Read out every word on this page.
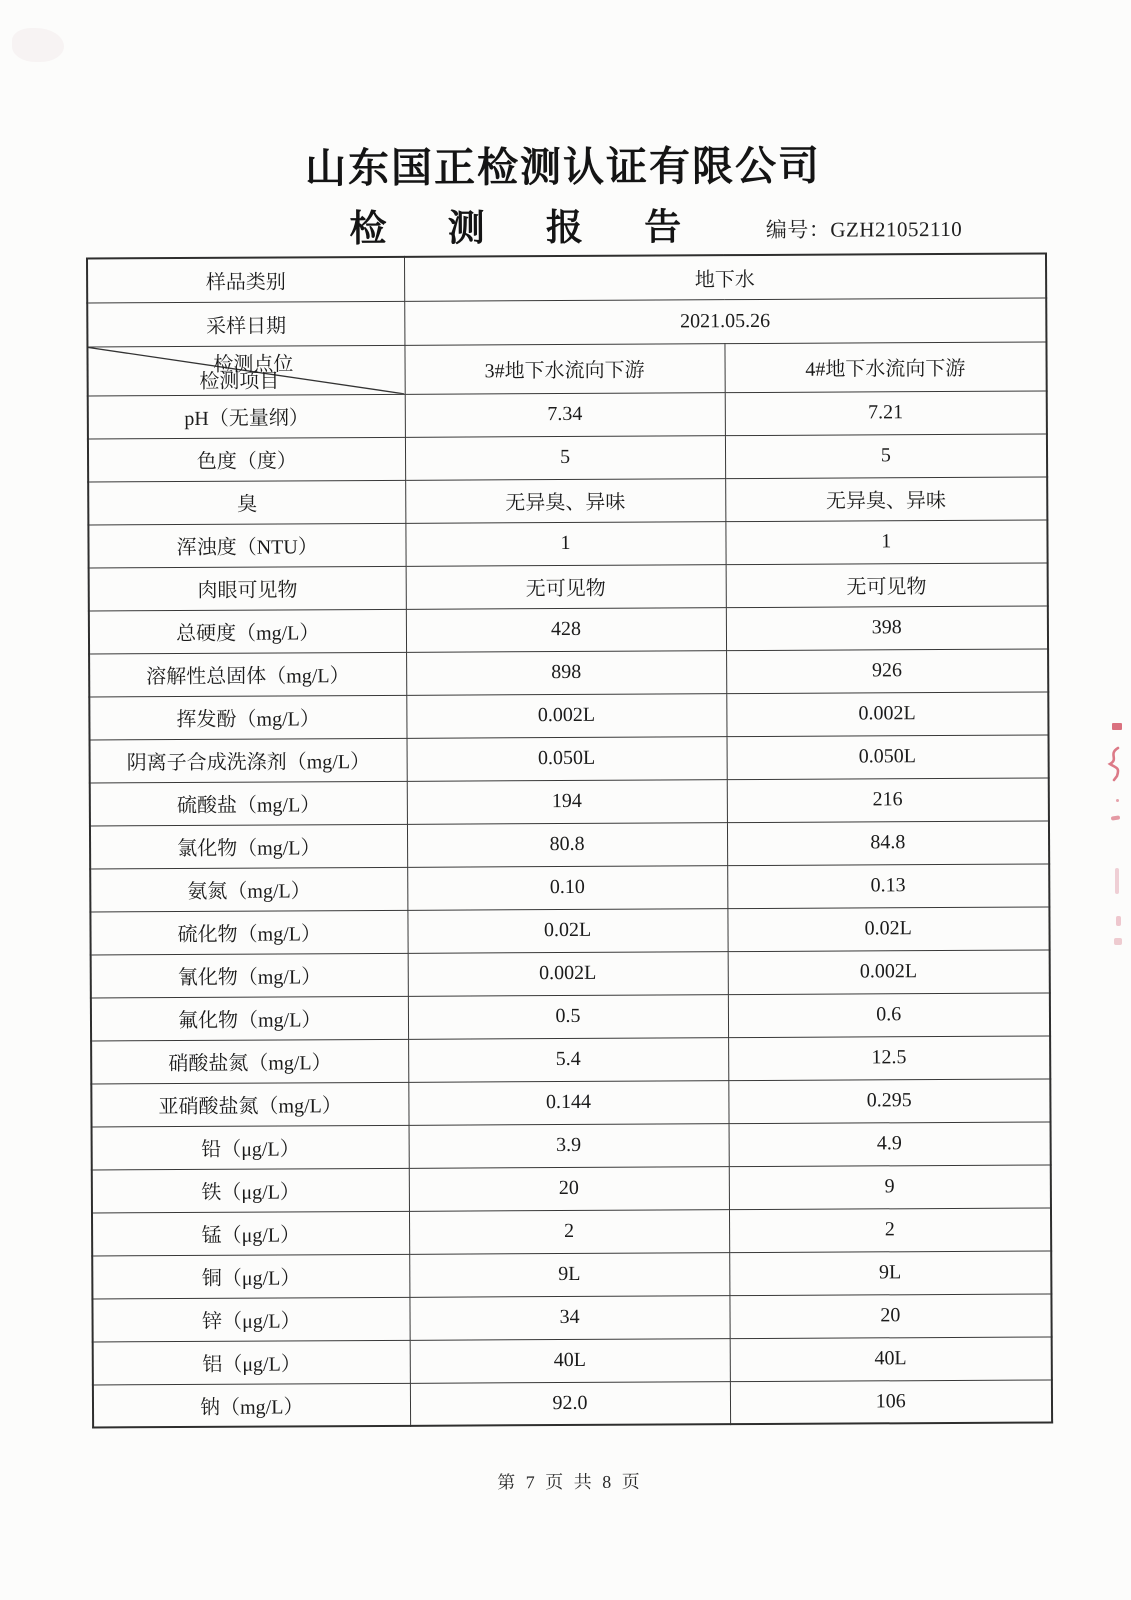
山东国正检测认证有限公司
检 测 报 告	编号：GZH21052110
样品类别	地下水	
采样日期	2021.05.26	

检测点位
检测项目	3#地下水流向下游	4#地下水流向下游
pH（无量纲）	7.34	7.21
色度（度）	5	5
臭	无异臭、异味	无异臭、异味
浑浊度（NTU）	1	1
肉眼可见物	无可见物	无可见物
总硬度（mg/L）	428	398
溶解性总固体（mg/L）	898	926
挥发酚（mg/L）	0.002L	0.002L
阴离子合成洗涤剂（mg/L）	0.050L	0.050L
硫酸盐（mg/L）	194	216
氯化物（mg/L）	80.8	84.8
氨氮（mg/L）	0.10	0.13
硫化物（mg/L）	0.02L	0.02L
氰化物（mg/L）	0.002L	0.002L
氟化物（mg/L）	0.5	0.6
硝酸盐氮（mg/L）	5.4	12.5
亚硝酸盐氮（mg/L）	0.144	0.295
铅（μg/L）	3.9	4.9
铁（μg/L）	20	9
锰（μg/L）	2	2
铜（μg/L）	9L	9L
锌（μg/L）	34	20
铝（μg/L）	40L	40L
钠（mg/L）	92.0	106
第 7 页 共 8 页
